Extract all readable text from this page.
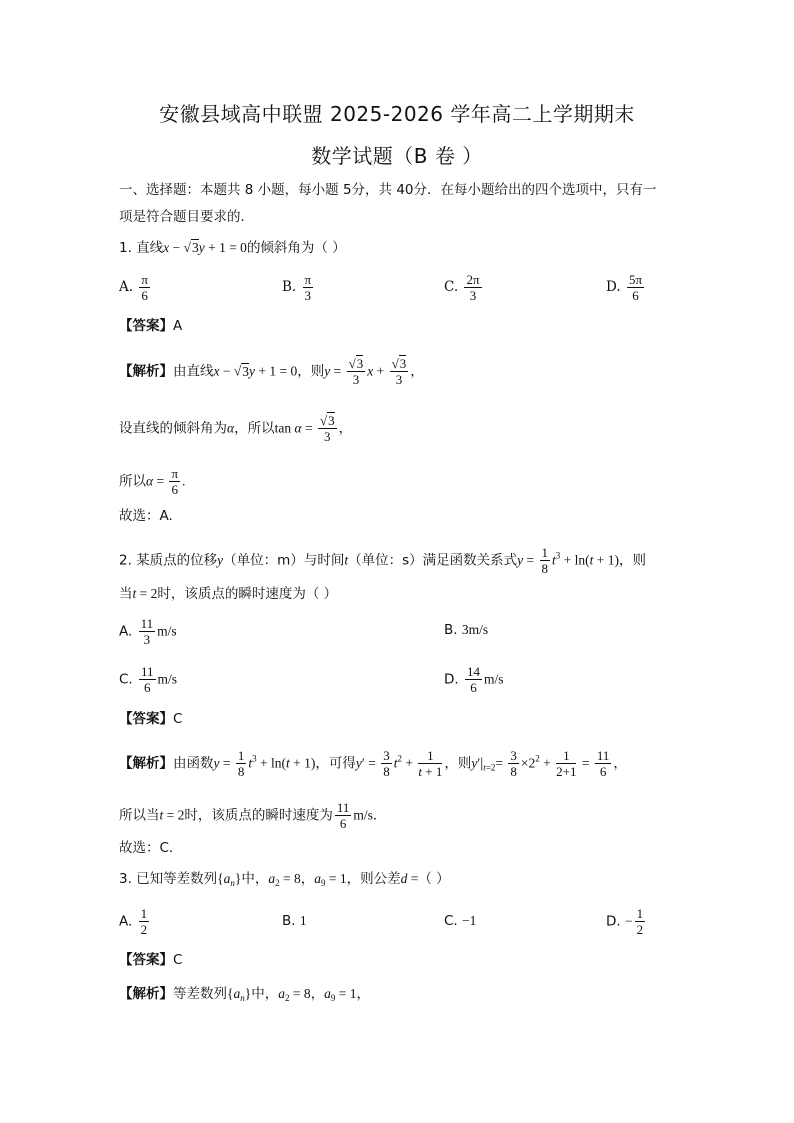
安徽县域高中联盟 2025-2026 学年高二上学期期末
数学试题（B 卷 ）
一、选择题：本题共 8 小题，每小题 5分，共 40分．在每小题给出的四个选项中，只有一
项是符合题目要求的．
1. 直线x − √3y + 1 = 0的倾斜角为（ ）
A. $\frac{\pi}{6}$	B. $\frac{\pi}{3}$	C. $\frac{2\pi}{3}$	D. $\frac{5\pi}{6}$
【答案】A
【解析】由直线x − √3y + 1 = 0，则$y = \frac{√3}{3}$ $x + \frac{√3}{3}$ ，
设直线的倾斜角为α，所以$\tan \alpha = \frac{√3}{3}$ ，
所以$\alpha = \frac{\pi}{6}$ .
故选：A.
2. 某质点的位移y（单位：m）与时间t（单位：s）满足函数关系式$y = \frac{1}{8} t^3 + \ln(t + 1)$，则
当t = 2时，该质点的瞬时速度为（ ）
A. $\frac{11}{3} m/s$	B. 3m/s
C. $\frac{11}{6} m/s$	D. $\frac{14}{6} m/s$
【答案】C
【解析】由函数$y = \frac{1}{8} t^3 + \ln(t + 1)$，可得$y' = \frac{3}{8} t^2 + \frac{1}{t + 1}$ ，则$y'|_{t=2}= \frac{3}{8} \times 2^2 + \frac{1}{2+1} = \frac{11}{6}$ ，
所以当t = 2时，该质点的瞬时速度为 $\frac{11}{6} m/s$．
故选：C.
3. 已知等差数列$\{a_n\}$中，$a_2 = 8$，$a_9 = 1$，则公差d =（ ）
A. $\frac{1}{2}$	B. 1	C. −1	D. − $\frac{1}{2}$
【答案】C
【解析】等差数列$\{a_n\}$中，$a_2 = 8$，$a_9 = 1$，
